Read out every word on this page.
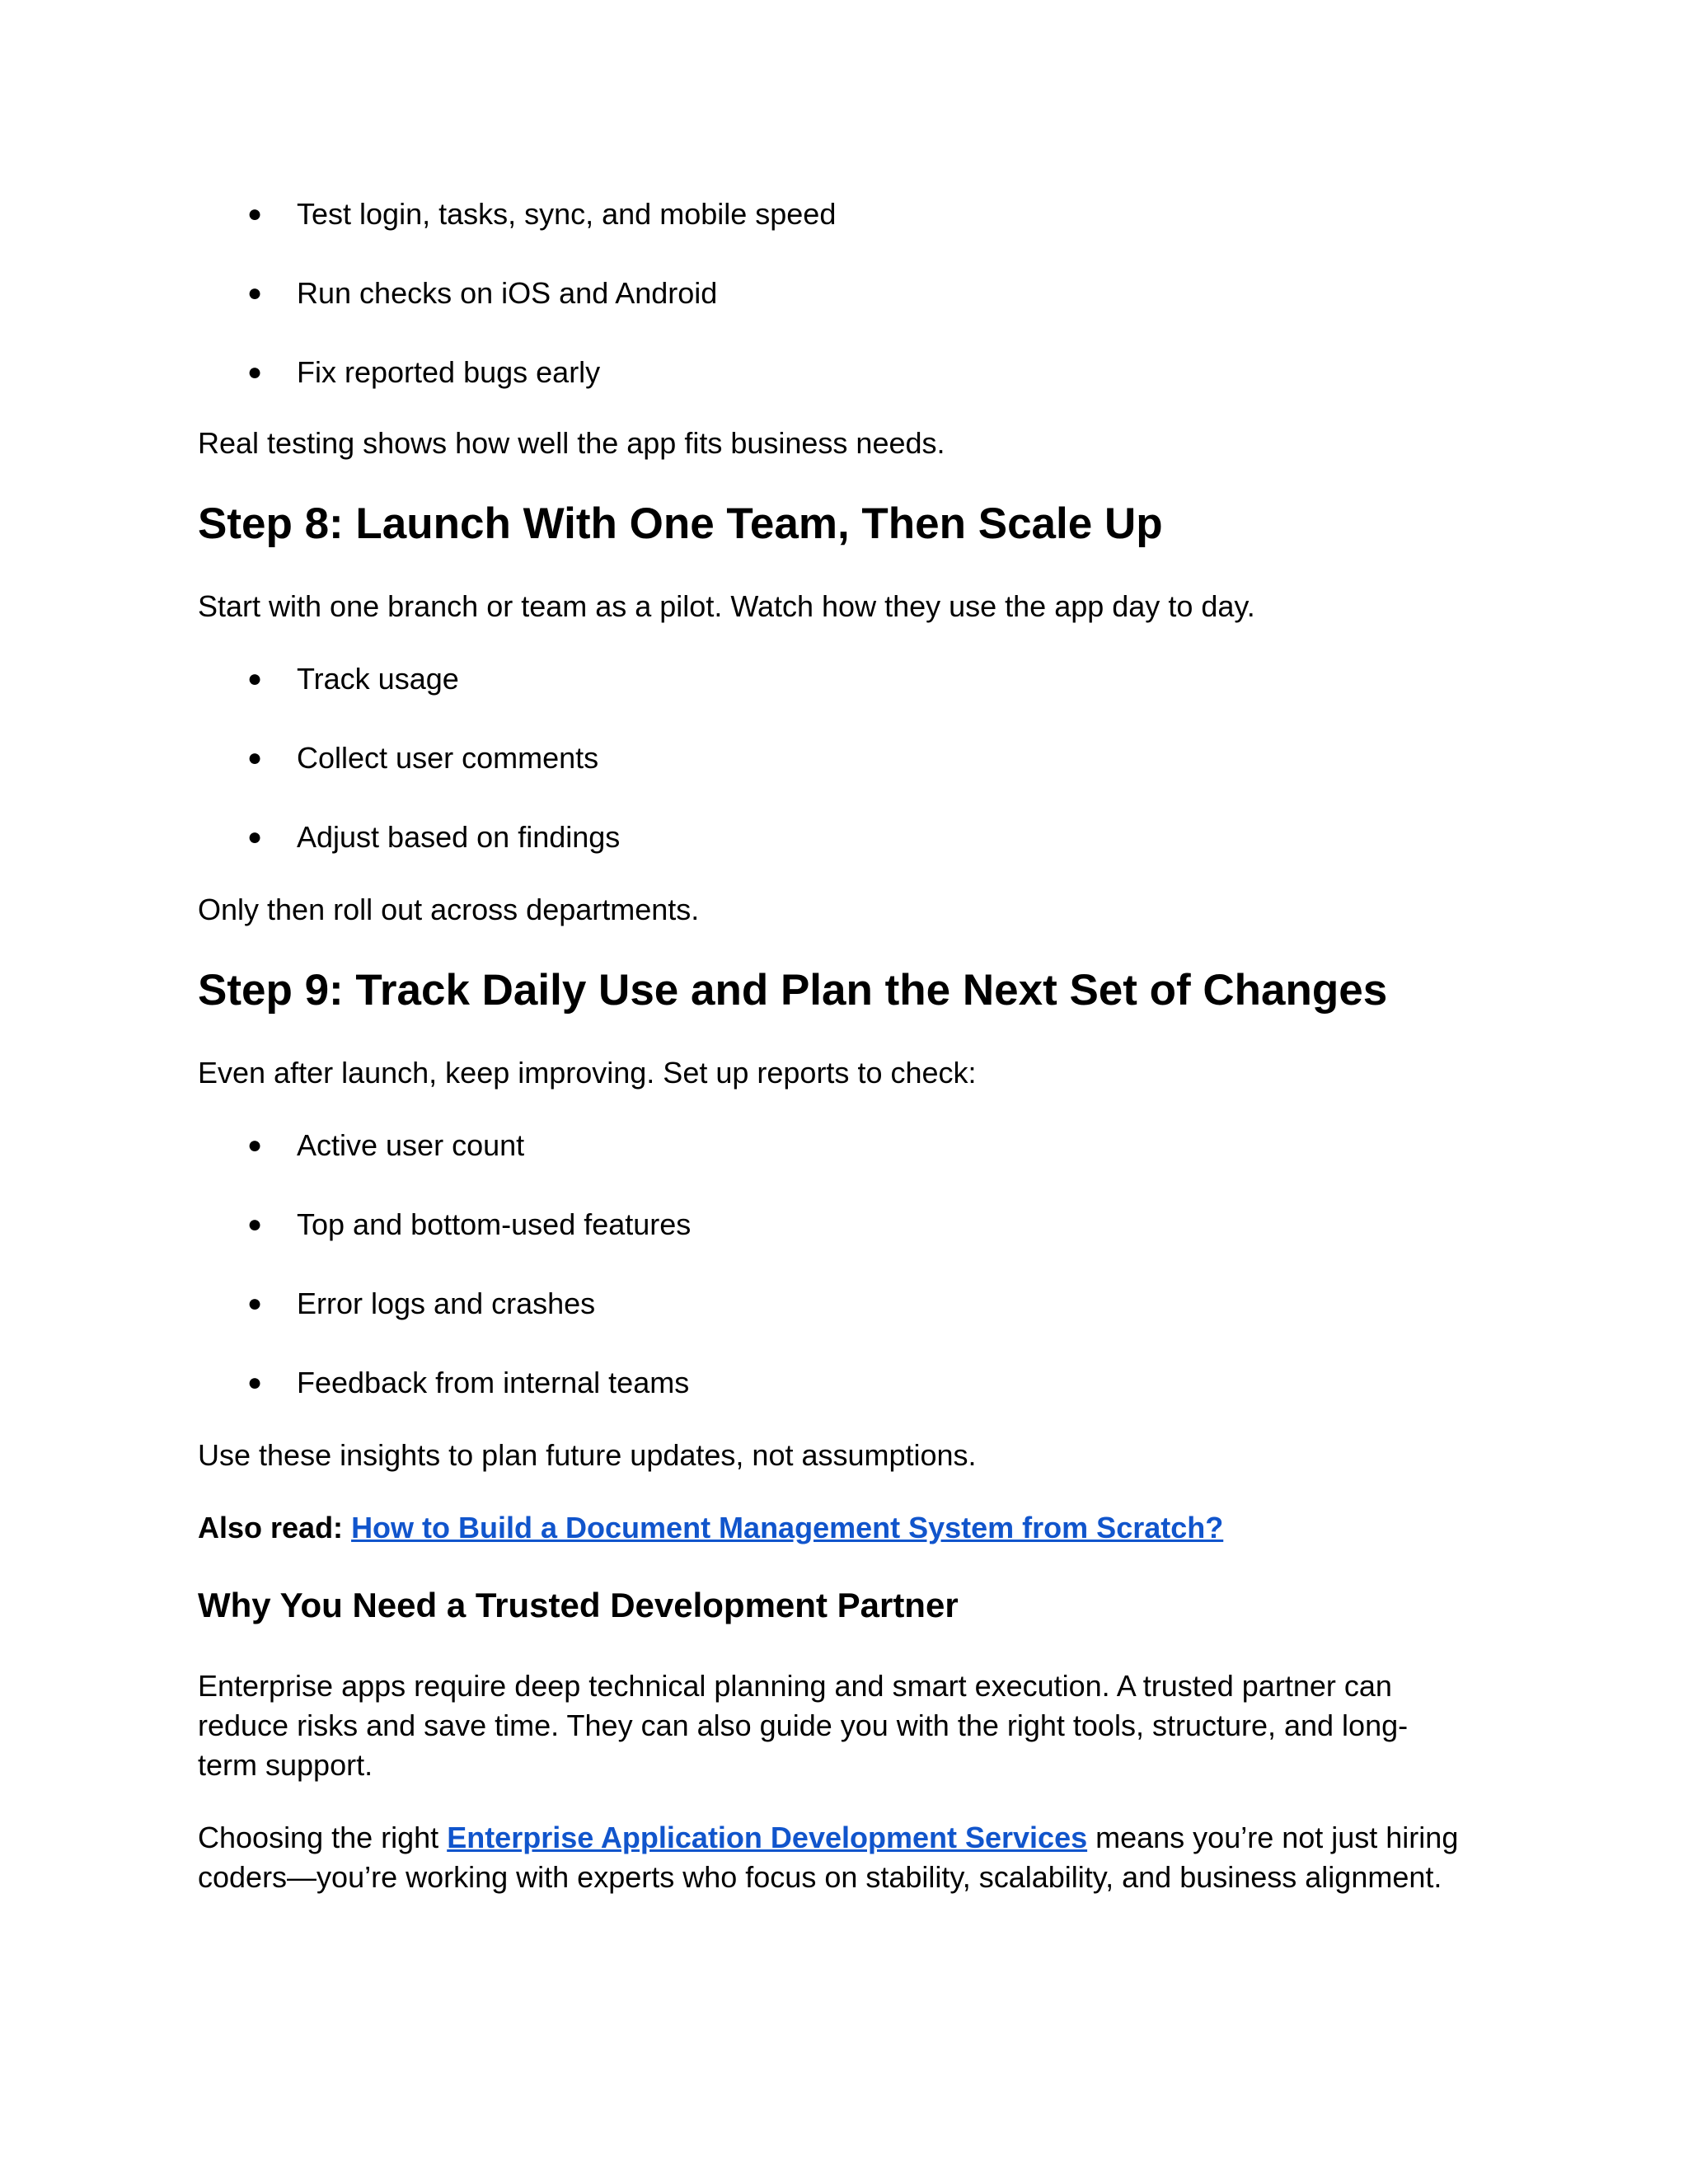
● Test login, tasks, sync, and mobile speed
● Run checks on iOS and Android
● Fix reported bugs early
Real testing shows how well the app fits business needs.
Step 8: Launch With One Team, Then Scale Up
Start with one branch or team as a pilot. Watch how they use the app day to day.
● Track usage
● Collect user comments
● Adjust based on findings
Only then roll out across departments.
Step 9: Track Daily Use and Plan the Next Set of Changes
Even after launch, keep improving. Set up reports to check:
● Active user count
● Top and bottom-used features
● Error logs and crashes
● Feedback from internal teams
Use these insights to plan future updates, not assumptions.
Also read: How to Build a Document Management System from Scratch?
Why You Need a Trusted Development Partner
Enterprise apps require deep technical planning and smart execution. A trusted partner can
reduce risks and save time. They can also guide you with the right tools, structure, and long-
term support.
Choosing the right Enterprise Application Development Services means you’re not just hiring
coders—you’re working with experts who focus on stability, scalability, and business alignment.
